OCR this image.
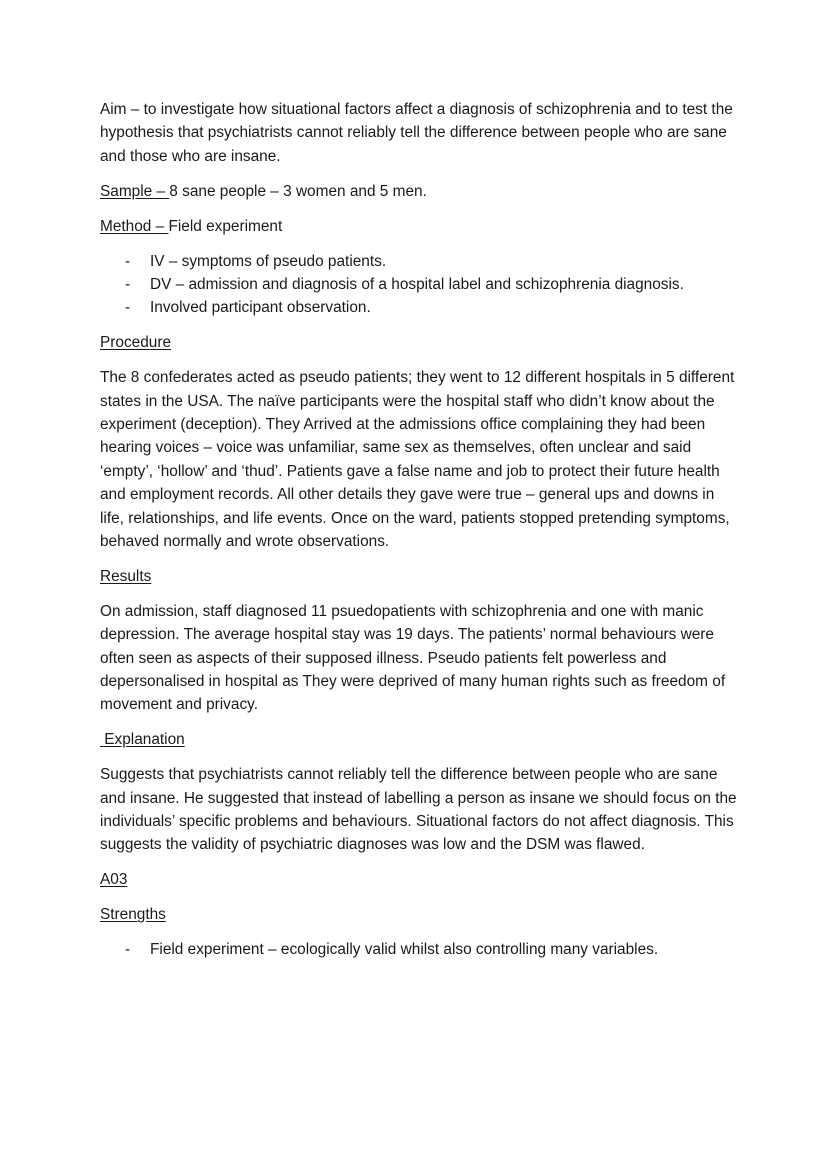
Aim – to investigate how situational factors affect a diagnosis of schizophrenia and to test the hypothesis that psychiatrists cannot reliably tell the difference between people who are sane and those who are insane.

Sample – 8 sane people – 3 women and 5 men.

Method – Field experiment

- IV – symptoms of pseudo patients.
- DV – admission and diagnosis of a hospital label and schizophrenia diagnosis.
- Involved participant observation.

Procedure

The 8 confederates acted as pseudo patients; they went to 12 different hospitals in 5 different states in the USA. The naïve participants were the hospital staff who didn’t know about the experiment (deception). They Arrived at the admissions office complaining they had been hearing voices – voice was unfamiliar, same sex as themselves, often unclear and said ‘empty’, ‘hollow’ and ‘thud’. Patients gave a false name and job to protect their future health and employment records. All other details they gave were true – general ups and downs in life, relationships, and life events. Once on the ward, patients stopped pretending symptoms, behaved normally and wrote observations.

Results

On admission, staff diagnosed 11 psuedopatients with schizophrenia and one with manic depression. The average hospital stay was 19 days. The patients’ normal behaviours were often seen as aspects of their supposed illness. Pseudo patients felt powerless and depersonalised in hospital as They were deprived of many human rights such as freedom of movement and privacy.

Explanation

Suggests that psychiatrists cannot reliably tell the difference between people who are sane and insane. He suggested that instead of labelling a person as insane we should focus on the individuals’ specific problems and behaviours. Situational factors do not affect diagnosis. This suggests the validity of psychiatric diagnoses was low and the DSM was flawed.

A03

Strengths

- Field experiment – ecologically valid whilst also controlling many variables.
